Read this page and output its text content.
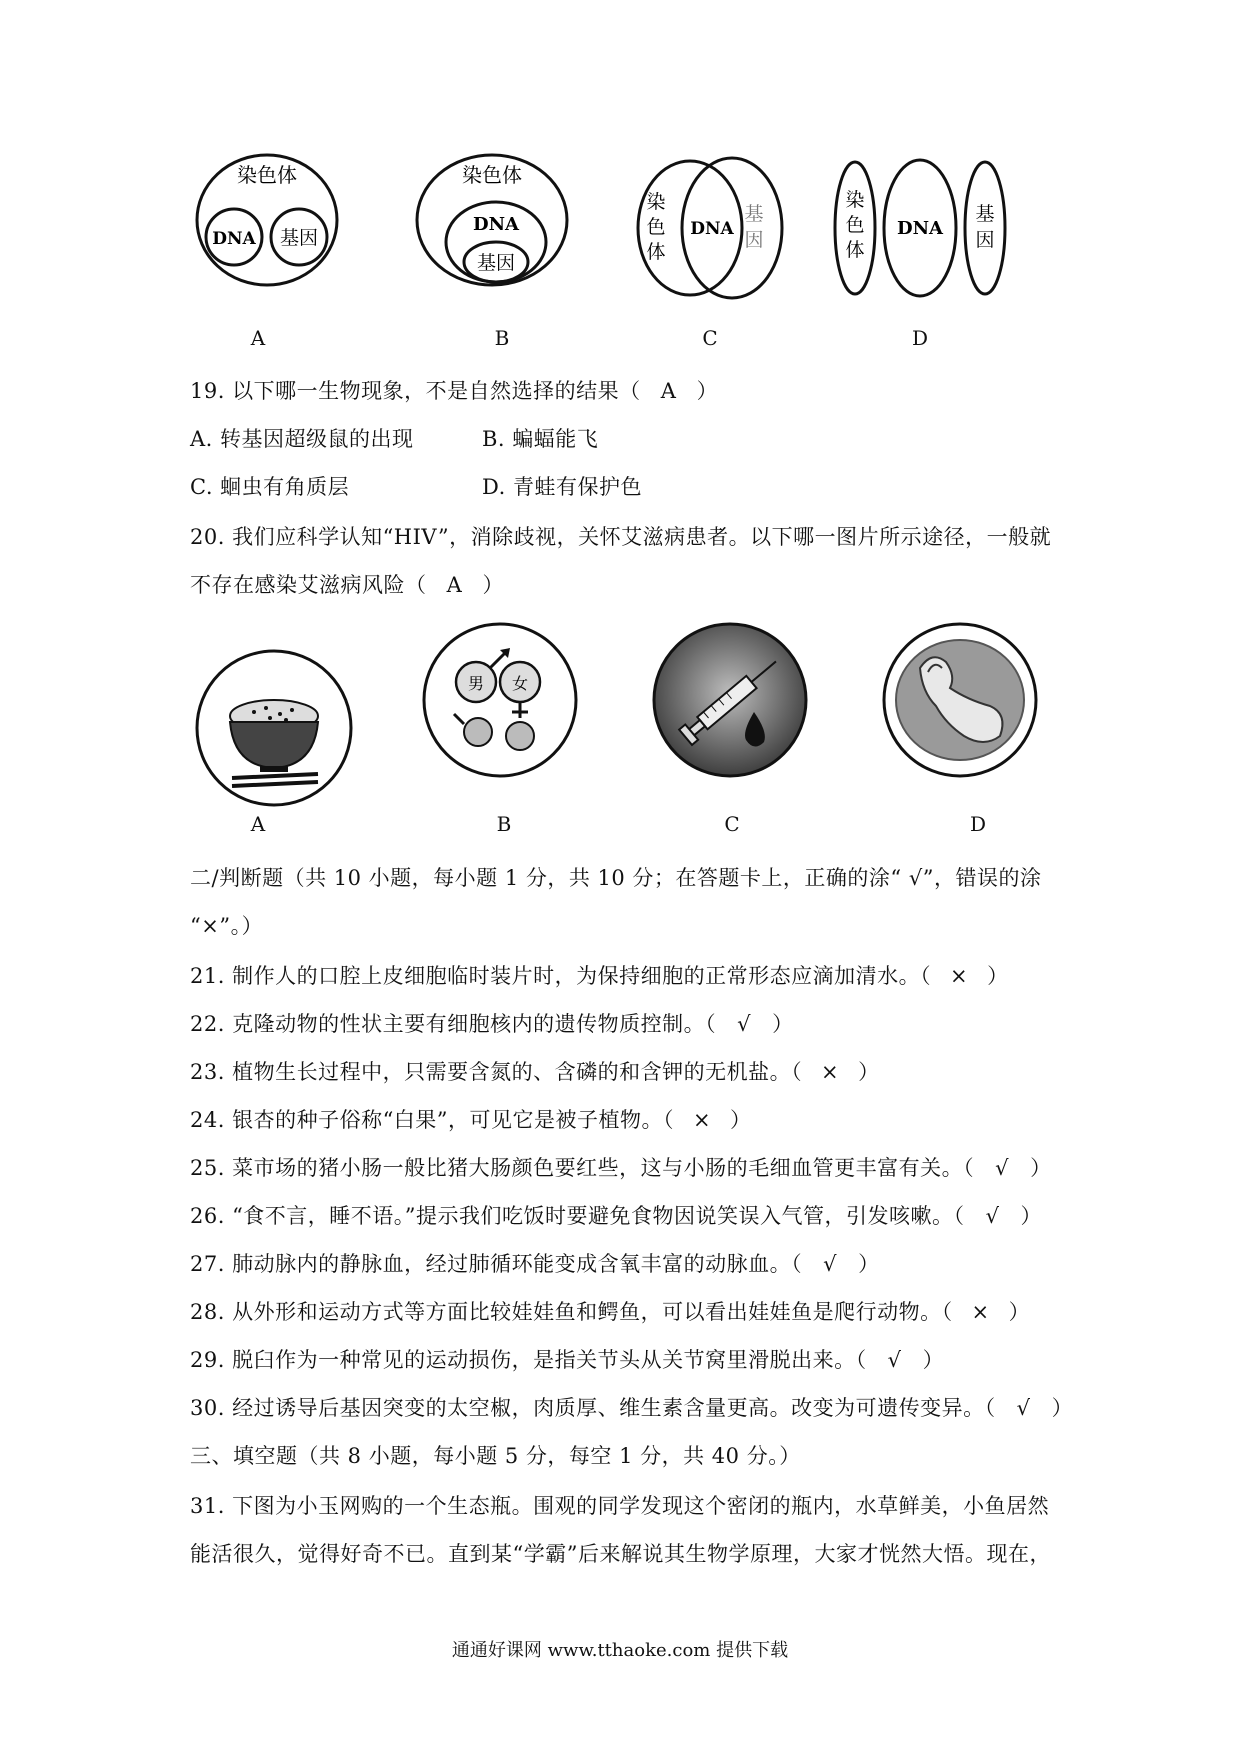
染色体
DNA 基因
染色体
DNA
基因
染
色
体
DNA
基
因
染
色
体
DNA
基
因
A	B	C	D
19. 以下哪一生物现象，不是自然选择的结果（ A ）
A. 转基因超级鼠的出现	B. 蝙蝠能飞
C. 蛔虫有角质层	D. 青蛙有保护色
20. 我们应科学认知“HIV”，消除歧视，关怀艾滋病患者。以下哪一图片所示途径，一般就
不存在感染艾滋病风险（ A ）
男 女
A	B	C	D
二/判断题（共 10 小题，每小题 1 分，共 10 分；在答题卡上，正确的涂“ √”，错误的涂
“×”。）
21. 制作人的口腔上皮细胞临时装片时，为保持细胞的正常形态应滴加清水。（ × ）
22. 克隆动物的性状主要有细胞核内的遗传物质控制。（ √ ）
23. 植物生长过程中，只需要含氮的、含磷的和含钾的无机盐。（ × ）
24. 银杏的种子俗称“白果”，可见它是被子植物。（ × ）
25. 菜市场的猪小肠一般比猪大肠颜色要红些，这与小肠的毛细血管更丰富有关。（ √ ）
26. “食不言，睡不语。”提示我们吃饭时要避免食物因说笑误入气管，引发咳嗽。（ √ ）
27. 肺动脉内的静脉血，经过肺循环能变成含氧丰富的动脉血。（ √ ）
28. 从外形和运动方式等方面比较娃娃鱼和鳄鱼，可以看出娃娃鱼是爬行动物。（ × ）
29. 脱臼作为一种常见的运动损伤，是指关节头从关节窝里滑脱出来。（ √ ）
30. 经过诱导后基因突变的太空椒，肉质厚、维生素含量更高。改变为可遗传变异。（ √ ）
三、填空题（共 8 小题，每小题 5 分，每空 1 分，共 40 分。）
31. 下图为小玉网购的一个生态瓶。围观的同学发现这个密闭的瓶内，水草鲜美，小鱼居然
能活很久，觉得好奇不已。直到某“学霸”后来解说其生物学原理，大家才恍然大悟。现在，
通通好课网 www.tthaoke.com 提供下载
